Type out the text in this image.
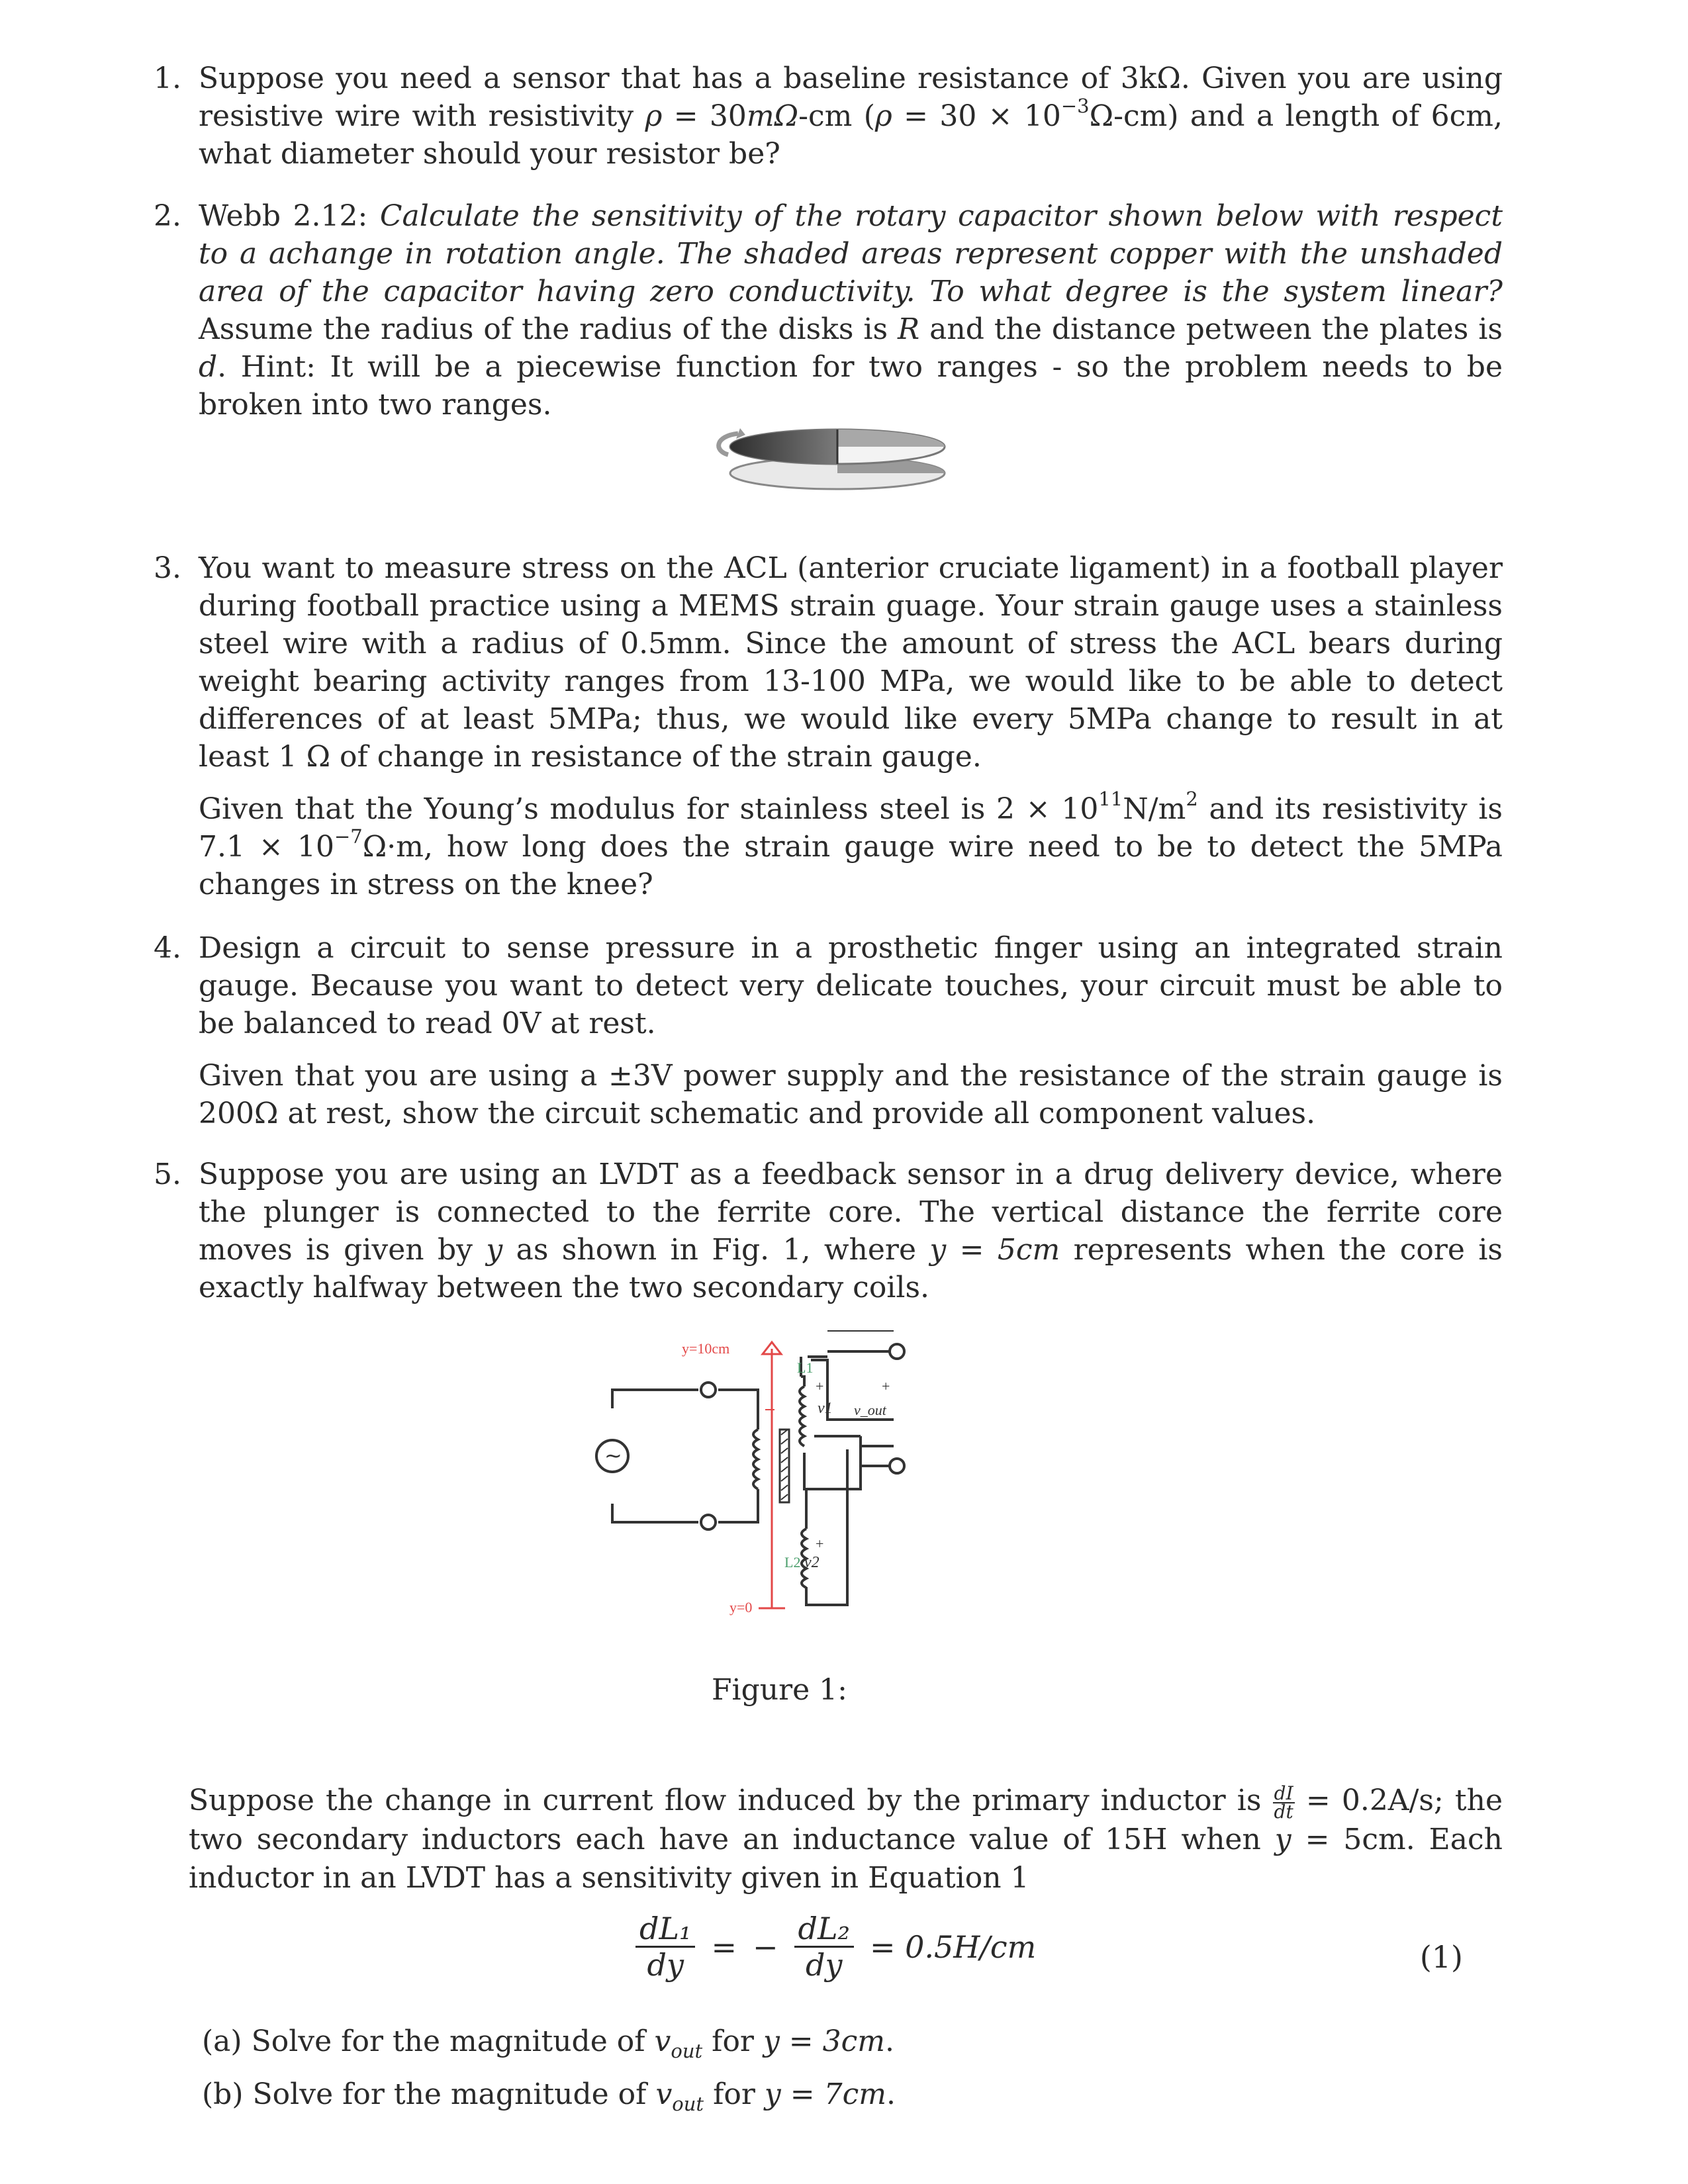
1. Suppose you need a sensor that has a baseline resistance of 3kΩ. Given you are using resistive wire with resistivity ρ = 30mΩ-cm $(\rho = 30 \times 10^{-3}\Omega-cm)$ and a length of 6cm, what diameter should your resistor be?

2. Webb 2.12: Calculate the sensitivity of the rotary capacitor shown below with respect to a achange in rotation angle. The shaded areas represent copper with the unshaded area of the capacitor having zero conductivity. To what degree is the system linear? Assume the radius of the radius of the disks is R and the distance petween the plates is d. Hint: It will be a piecewise function for two ranges - so the problem needs to be broken into two ranges.

3. You want to measure stress on the ACL (anterior cruciate ligament) in a football player during football practice using a MEMS strain guage. Your strain gauge uses a stainless steel wire with a radius of 0.5mm. Since the amount of stress the ACL bears during weight bearing activity ranges from 13-100 MPa, we would like to be able to detect differences of at least 5MPa; thus, we would like every 5MPa change to result in at least 1 Ω of change in resistance of the strain gauge.

Given that the Young’s modulus for stainless steel is $2 \times 10^{11}N/m^2$ and its resistivity is $7.1 \times 10^{-7}\Omega\cdot m$, how long does the strain gauge wire need to be to detect the 5MPa changes in stress on the knee?

4. Design a circuit to sense pressure in a prosthetic finger using an integrated strain gauge. Because you want to detect very delicate touches, your circuit must be able to be balanced to read 0V at rest.

Given that you are using a ±3V power supply and the resistance of the strain gauge is 200Ω at rest, show the circuit schematic and provide all component values.

5. Suppose you are using an LVDT as a feedback sensor in a drug delivery device, where the plunger is connected to the ferrite core. The vertical distance the ferrite core moves is given by y as shown in Fig. 1, where y = 5cm represents when the core is exactly halfway between the two secondary coils.

y=10cm
y=0
L1
L2
v1
v2
v_out
+	+
+
~
Figure 1:

Suppose the change in current flow induced by the primary inductor is $\frac{dI}{dt} = 0.2A/s$; the two secondary inductors each have an inductance value of 15H when y = 5cm. Each inductor in an LVDT has a sensitivity given in Equation 1

$\frac{\text{dL₁}}{dy}$ = − $\frac{\text{dL₂}}{dy} = 0.5H/cm$	(1)
(a) Solve for the magnitude of $v_{out}$ for y = 3cm.
(b) Solve for the magnitude of $v_{out}$ for y = 7cm.
